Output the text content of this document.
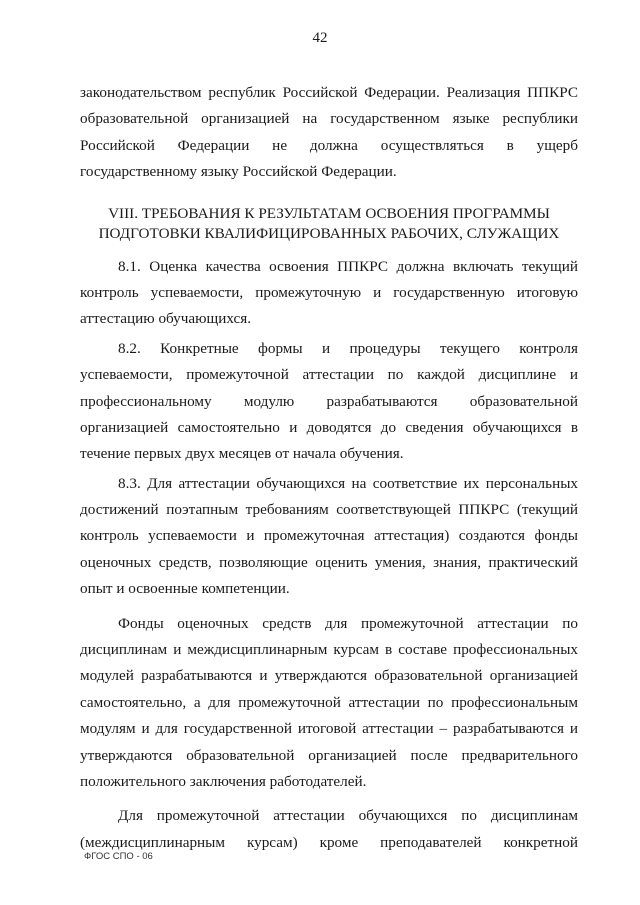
42
законодательством республик Российской Федерации. Реализация ППКРС
образовательной организацией на государственном языке республики
Российской Федерации не должна осуществляться в ущерб
государственному языку Российской Федерации.
VIII. ТРЕБОВАНИЯ К РЕЗУЛЬТАТАМ ОСВОЕНИЯ ПРОГРАММЫ
ПОДГОТОВКИ КВАЛИФИЦИРОВАННЫХ РАБОЧИХ, СЛУЖАЩИХ
8.1. Оценка качества освоения ППКРС должна включать текущий
контроль успеваемости, промежуточную и государственную итоговую
аттестацию обучающихся.
8.2. Конкретные формы и процедуры текущего контроля
успеваемости, промежуточной аттестации по каждой дисциплине и
профессиональному модулю разрабатываются образовательной
организацией самостоятельно и доводятся до сведения обучающихся в
течение первых двух месяцев от начала обучения.
8.3. Для аттестации обучающихся на соответствие их персональных
достижений поэтапным требованиям соответствующей ППКРС (текущий
контроль успеваемости и промежуточная аттестация) создаются фонды
оценочных средств, позволяющие оценить умения, знания, практический
опыт и освоенные компетенции.
Фонды оценочных средств для промежуточной аттестации по
дисциплинам и междисциплинарным курсам в составе профессиональных
модулей разрабатываются и утверждаются образовательной организацией
самостоятельно, а для промежуточной аттестации по профессиональным
модулям и для государственной итоговой аттестации – разрабатываются и
утверждаются образовательной организацией после предварительного
положительного заключения работодателей.
Для промежуточной аттестации обучающихся по дисциплинам
(междисциплинарным курсам) кроме преподавателей конкретной
ФГОС СПО - 06
